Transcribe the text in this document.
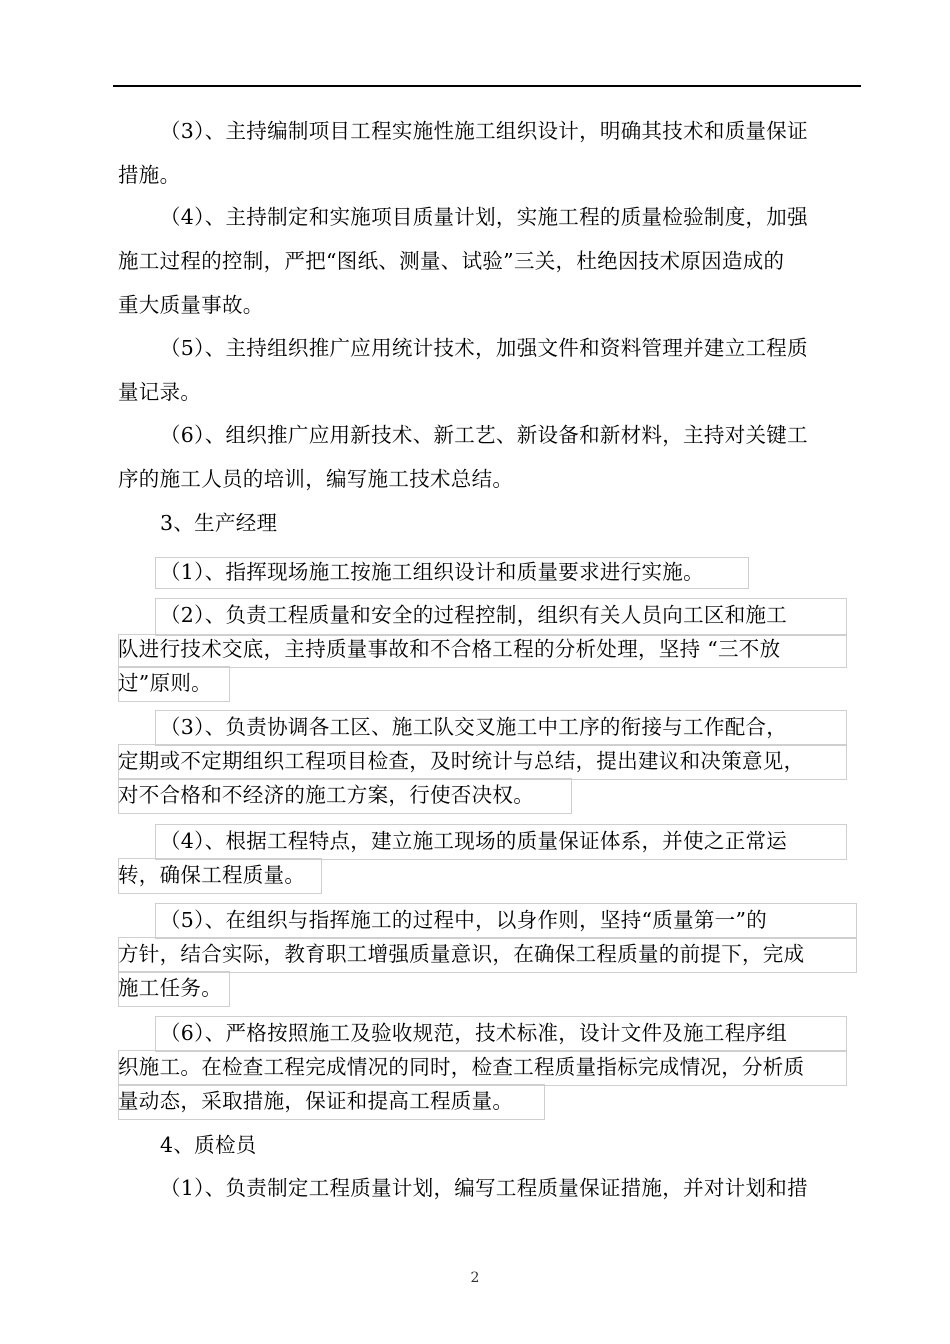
（3）、主持编制项目工程实施性施工组织设计，明确其技术和质量保证
措施。
（4）、主持制定和实施项目质量计划，实施工程的质量检验制度，加强
施工过程的控制，严把“图纸、测量、试验”三关，杜绝因技术原因造成的
重大质量事故。
（5）、主持组织推广应用统计技术，加强文件和资料管理并建立工程质
量记录。
（6）、组织推广应用新技术、新工艺、新设备和新材料，主持对关键工
序的施工人员的培训，编写施工技术总结。
3、生产经理
（1）、指挥现场施工按施工组织设计和质量要求进行实施。
（2）、负责工程质量和安全的过程控制，组织有关人员向工区和施工
队进行技术交底，主持质量事故和不合格工程的分析处理，坚持 “三不放
过”原则。
（3）、负责协调各工区、施工队交叉施工中工序的衔接与工作配合，
定期或不定期组织工程项目检查，及时统计与总结，提出建议和决策意见，
对不合格和不经济的施工方案，行使否决权。
（4）、根据工程特点，建立施工现场的质量保证体系，并使之正常运
转，确保工程质量。
（5）、在组织与指挥施工的过程中，以身作则，坚持“质量第一”的
方针，结合实际，教育职工增强质量意识，在确保工程质量的前提下，完成
施工任务。
（6）、严格按照施工及验收规范，技术标准，设计文件及施工程序组
织施工。在检查工程完成情况的同时，检查工程质量指标完成情况，分析质
量动态，采取措施，保证和提高工程质量。
4、质检员
（1）、负责制定工程质量计划，编写工程质量保证措施，并对计划和措
2
